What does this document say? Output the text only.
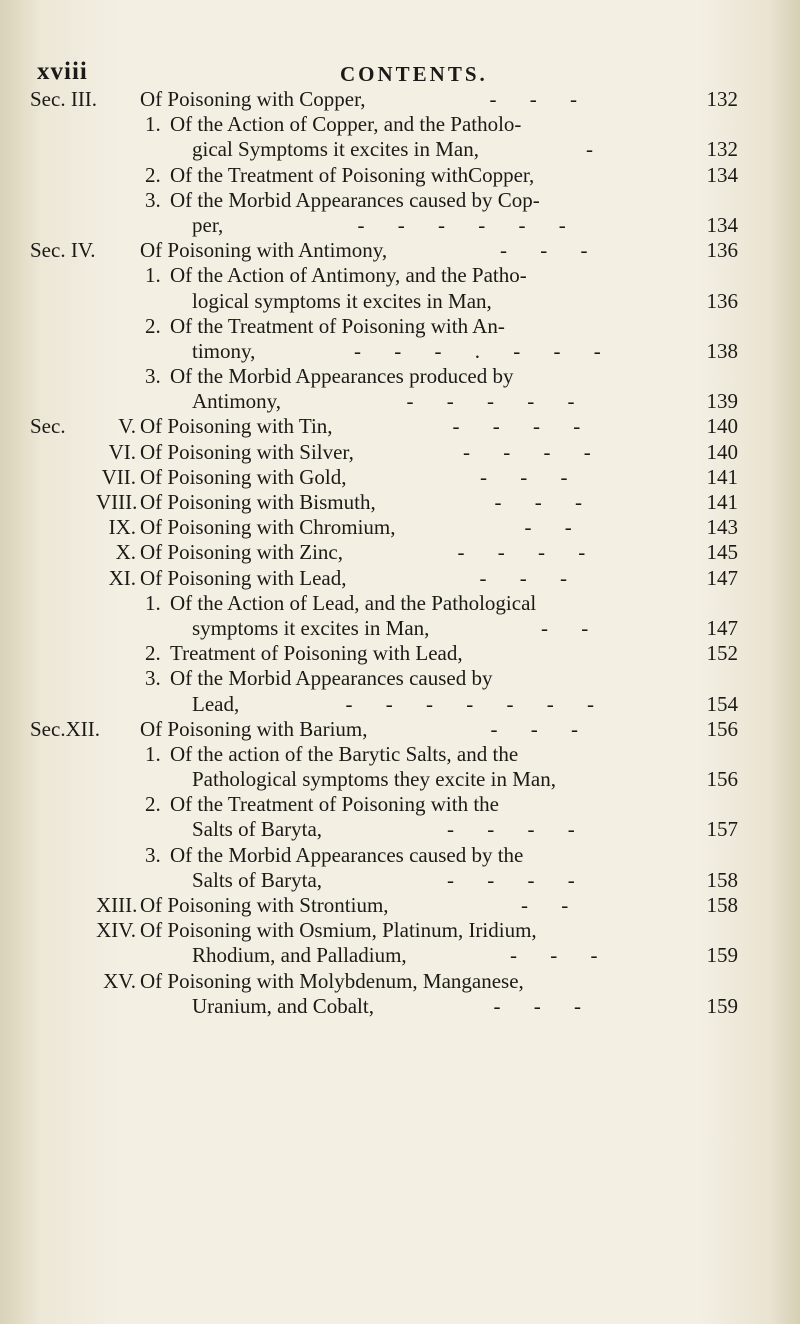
xviii	CONTENTS.
Sec. III. Of Poisoning with Copper,	132
- - -
1. Of the Action of Copper, and the Patholo-
gical Symptoms it excites in Man,	132
-
2. Of the Treatment of Poisoning withCopper,	134
3. Of the Morbid Appearances caused by Cop-
per,	134
- - - - - -
Sec. IV. Of Poisoning with Antimony,	136
- - -
1. Of the Action of Antimony, and the Patho-
logical symptoms it excites in Man,	136
2. Of the Treatment of Poisoning with An-
timony,	138
- - - . - - -
3. Of the Morbid Appearances produced by
Antimony,	139
- - - - -
Sec.	V. Of Poisoning with Tin,	140
- - - -
VI. Of Poisoning with Silver,	140
- - - -
VII. Of Poisoning with Gold,	141
- - -
VIII. Of Poisoning with Bismuth,	141
- - -
IX. Of Poisoning with Chromium,	143
- -
X. Of Poisoning with Zinc,	145
- - - -
XI. Of Poisoning with Lead,	147
- - -
1. Of the Action of Lead, and the Pathological
symptoms it excites in Man,	147
- -
2. Treatment of Poisoning with Lead,	152
3. Of the Morbid Appearances caused by
Lead,	154
- - - - - - -
Sec.XII. Of Poisoning with Barium,	156
- - -
1. Of the action of the Barytic Salts, and the
Pathological symptoms they excite in Man,	156
2. Of the Treatment of Poisoning with the
Salts of Baryta,	157
- - - -
3. Of the Morbid Appearances caused by the
Salts of Baryta,	158
- - - -
XIII. Of Poisoning with Strontium,	158
- -
XIV. Of Poisoning with Osmium, Platinum, Iridium,
Rhodium, and Palladium,	159
- - -
XV. Of Poisoning with Molybdenum, Manganese,
Uranium, and Cobalt,	159
- - -
